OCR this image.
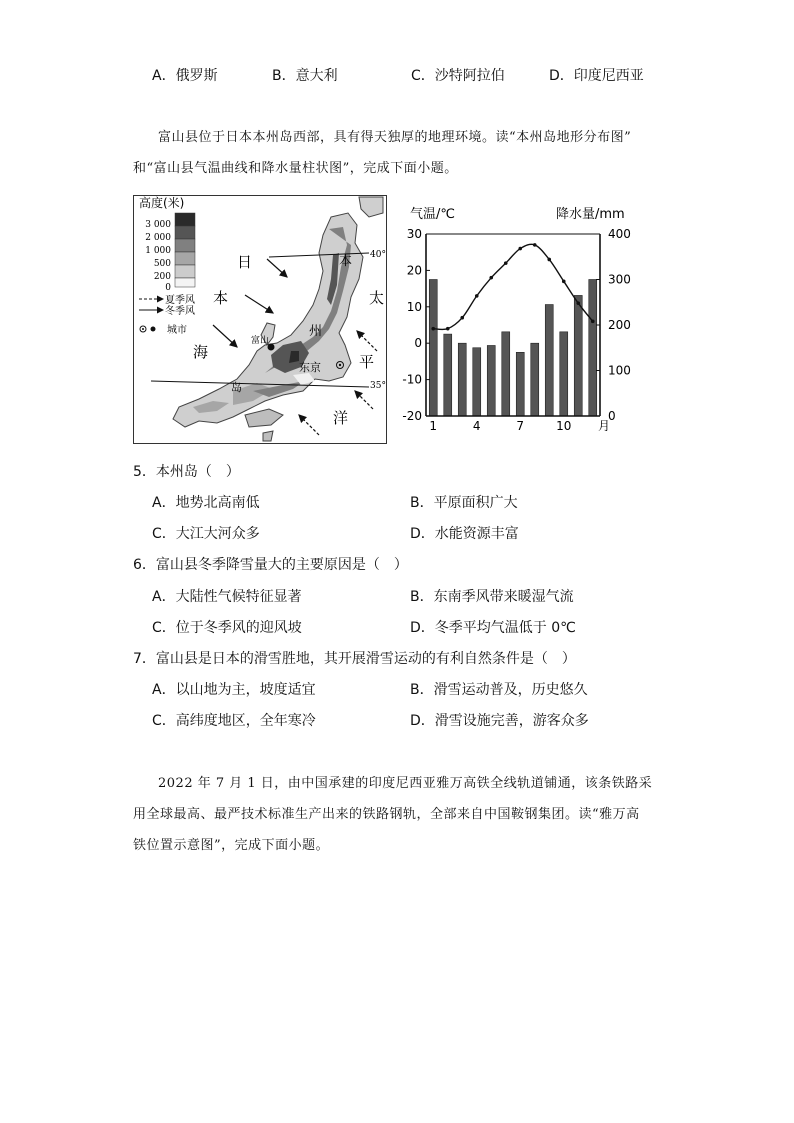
A．俄罗斯	B．意大利	C．沙特阿拉伯	D．印度尼西亚
富山县位于日本本州岛西部，具有得天独厚的地理环境。读“本州岛地形分布图”
和“富山县气温曲线和降水量柱状图”，完成下面小题。
40°
35°
高度(米)
3 000
2 000
1 000
500
200
0
夏季风
冬季风
城市
日
本
海
太
平
洋
本
州
岛
富山
东京
气温/℃	降水量/mm
30
20
10
0
-10
-20
400
300
200
100
0
1	4	7	10 月
5．本州岛（　）
A．地势北高南低	B．平原面积广大
C．大江大河众多	D．水能资源丰富
6．富山县冬季降雪量大的主要原因是（　）
A．大陆性气候特征显著	B．东南季风带来暖湿气流
C．位于冬季风的迎风坡	D．冬季平均气温低于 0℃
7．富山县是日本的滑雪胜地，其开展滑雪运动的有利自然条件是（　）
A．以山地为主，坡度适宜	B．滑雪运动普及，历史悠久
C．高纬度地区，全年寒冷	D．滑雪设施完善，游客众多
2022 年 7 月 1 日，由中国承建的印度尼西亚雅万高铁全线轨道铺通，该条铁路采
用全球最高、最严技术标准生产出来的铁路钢轨，全部来自中国鞍钢集团。读“雅万高
铁位置示意图”，完成下面小题。
